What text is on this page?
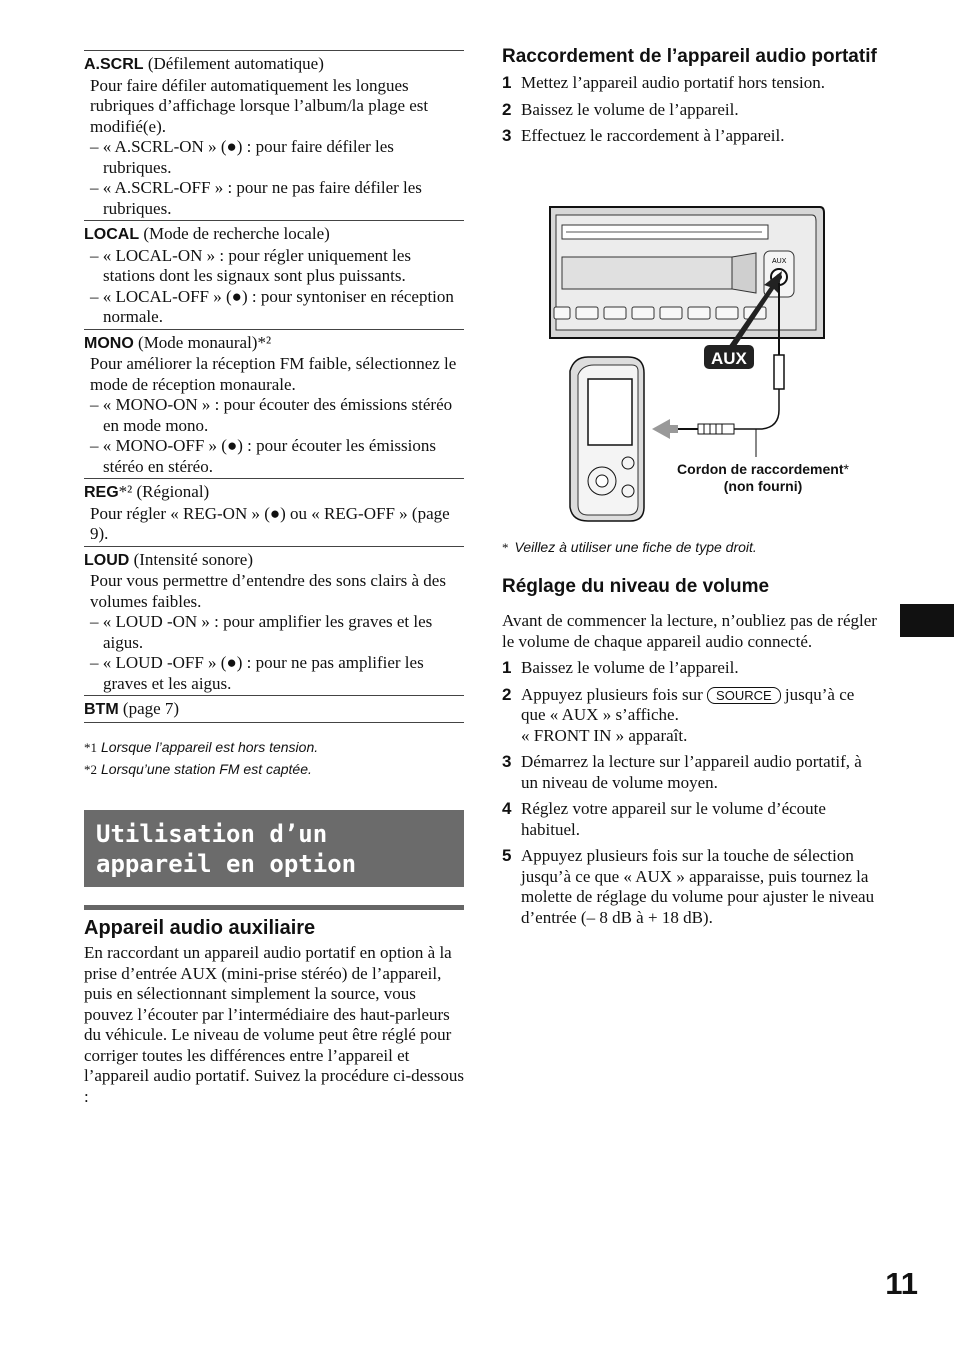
A.SCRL (Défilement automatique)
Pour faire défiler automatiquement les longues rubriques d’affichage lorsque l’album/la plage est modifié(e).
– « A.SCRL-ON » (●) : pour faire défiler les rubriques.
– « A.SCRL-OFF » : pour ne pas faire défiler les rubriques.
LOCAL (Mode de recherche locale)
– « LOCAL-ON » : pour régler uniquement les stations dont les signaux sont plus puissants.
– « LOCAL-OFF » (●) : pour syntoniser en réception normale.
MONO (Mode monaural)*²
Pour améliorer la réception FM faible, sélectionnez le mode de réception monaurale.
– « MONO-ON » : pour écouter des émissions stéréo en mode mono.
– « MONO-OFF » (●) : pour écouter les émissions stéréo en stéréo.
REG*² (Régional)
Pour régler « REG-ON » (●) ou « REG-OFF » (page 9).
LOUD (Intensité sonore)
Pour vous permettre d’entendre des sons clairs à des volumes faibles.
– « LOUD -ON » : pour amplifier les graves et les aigus.
– « LOUD -OFF » (●) : pour ne pas amplifier les graves et les aigus.
BTM (page 7)
*1 Lorsque l’appareil est hors tension.
*2 Lorsqu’une station FM est captée.
Utilisation d’un appareil en option
Appareil audio auxiliaire
En raccordant un appareil audio portatif en option à la prise d’entrée AUX (mini-prise stéréo) de l’appareil, puis en sélectionnant simplement la source, vous pouvez l’écouter par l’intermédiaire des haut-parleurs du véhicule. Le niveau de volume peut être réglé pour corriger toutes les différences entre l’appareil et l’appareil audio portatif. Suivez la procédure ci-dessous :
Raccordement de l’appareil audio portatif
1 Mettez l’appareil audio portatif hors tension.
2 Baissez le volume de l’appareil.
3 Effectuez le raccordement à l’appareil.
AUX
AUX
Cordon de raccordement*
(non fourni)
* Veillez à utiliser une fiche de type droit.
Réglage du niveau de volume
Avant de commencer la lecture, n’oubliez pas de régler le volume de chaque appareil audio connecté.
1 Baissez le volume de l’appareil.
2 Appuyez plusieurs fois sur SOURCE jusqu’à ce que « AUX » s’affiche.
« FRONT IN » apparaît.
3 Démarrez la lecture sur l’appareil audio portatif, à un niveau de volume moyen.
4 Réglez votre appareil sur le volume d’écoute habituel.
5 Appuyez plusieurs fois sur la touche de sélection jusqu’à ce que « AUX » apparaisse, puis tournez la molette de réglage du volume pour ajuster le niveau d’entrée (– 8 dB à + 18 dB).
11
